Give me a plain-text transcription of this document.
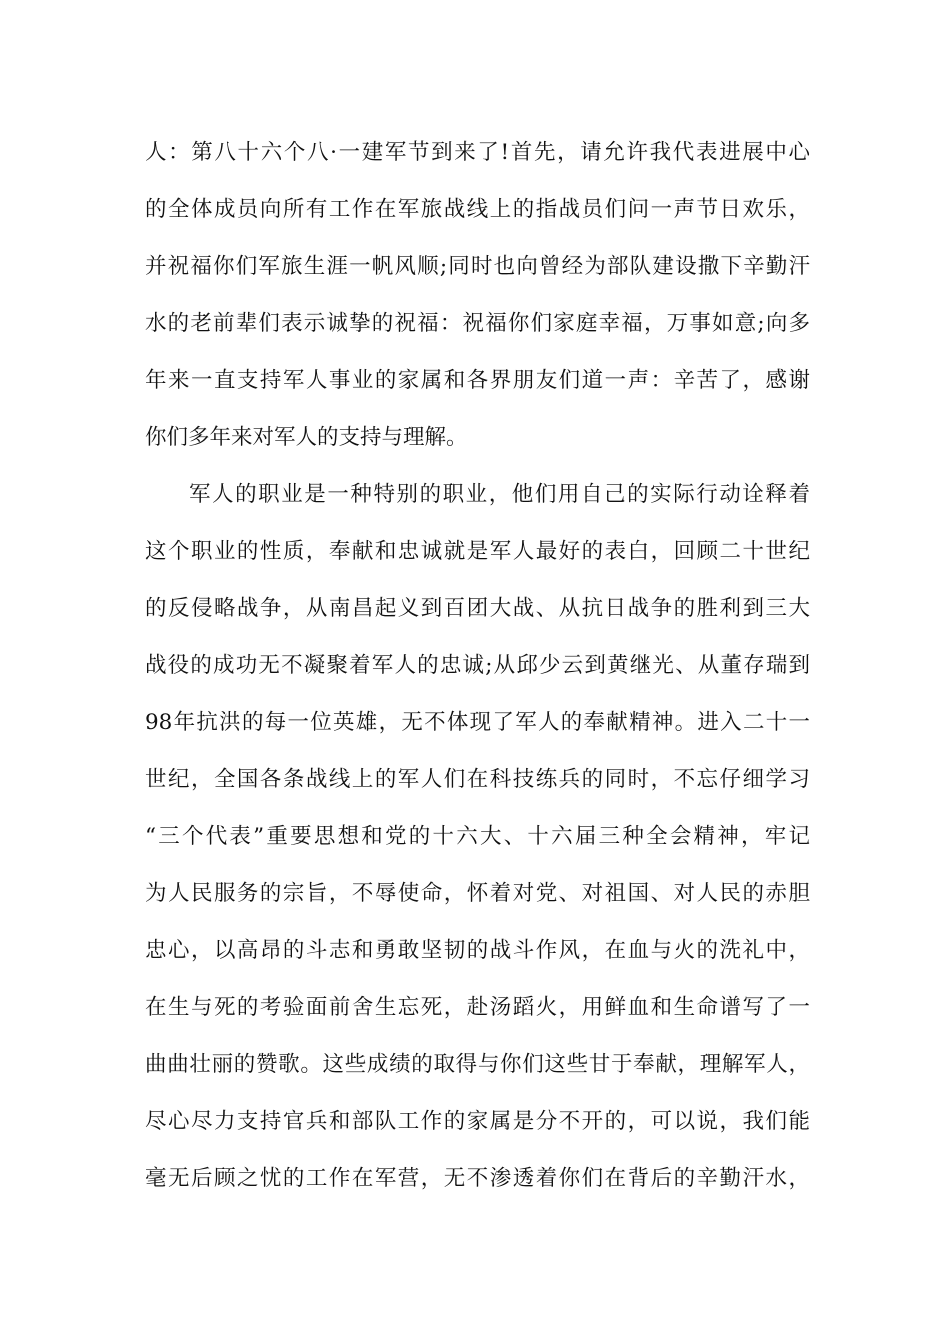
人：第八十六个八·一建军节到来了!首先，请允许我代表进展中心
的全体成员向所有工作在军旅战线上的指战员们问一声节日欢乐，
并祝福你们军旅生涯一帆风顺;同时也向曾经为部队建设撒下辛勤汗
水的老前辈们表示诚挚的祝福：祝福你们家庭幸福，万事如意;向多
年来一直支持军人事业的家属和各界朋友们道一声：辛苦了，感谢
你们多年来对军人的支持与理解。
军人的职业是一种特别的职业，他们用自己的实际行动诠释着
这个职业的性质，奉献和忠诚就是军人最好的表白，回顾二十世纪
的反侵略战争，从南昌起义到百团大战、从抗日战争的胜利到三大
战役的成功无不凝聚着军人的忠诚;从邱少云到黄继光、从董存瑞到
98年抗洪的每一位英雄，无不体现了军人的奉献精神。进入二十一
世纪，全国各条战线上的军人们在科技练兵的同时，不忘仔细学习
“三个代表”重要思想和党的十六大、十六届三种全会精神，牢记
为人民服务的宗旨，不辱使命，怀着对党、对祖国、对人民的赤胆
忠心，以高昂的斗志和勇敢坚韧的战斗作风，在血与火的洗礼中，
在生与死的考验面前舍生忘死，赴汤蹈火，用鲜血和生命谱写了一
曲曲壮丽的赞歌。这些成绩的取得与你们这些甘于奉献，理解军人，
尽心尽力支持官兵和部队工作的家属是分不开的，可以说，我们能
毫无后顾之忧的工作在军营，无不渗透着你们在背后的辛勤汗水，
